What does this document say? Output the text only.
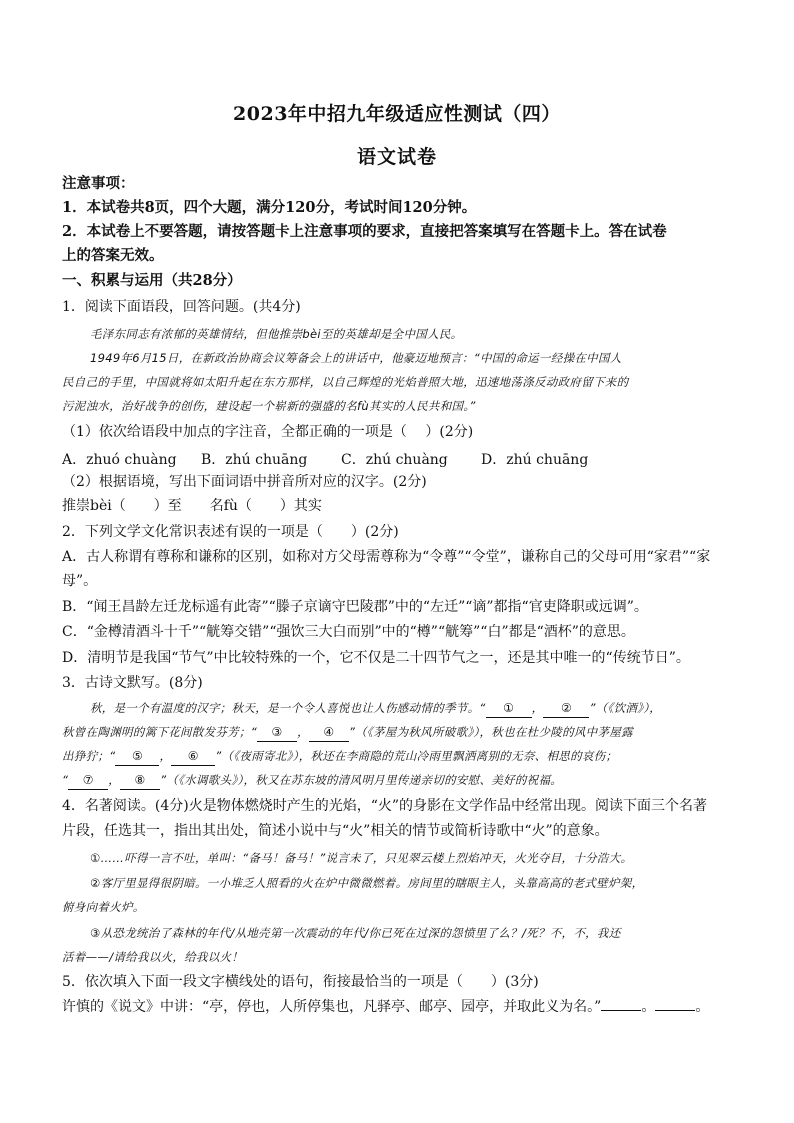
2023年中招九年级适应性测试（四）
语文试卷
注意事项：
1．本试卷共8页，四个大题，满分120分，考试时间120分钟。
2．本试卷上不要答题，请按答题卡上注意事项的要求，直接把答案填写在答题卡上。答在试卷
上的答案无效。
一、积累与运用（共28分）
1．阅读下面语段，回答问题。(共4分)
毛泽东同志有浓郁的英雄情结，但他推崇bèi至的英雄却是全中国人民。
1949年6月15日，在新政治协商会议筹备会上的讲话中，他豪迈地预言：“中国的命运一经操在中国人
民自己的手里，中国就将如太阳升起在东方那样，以自己辉煌的光焰普照大地，迅速地荡涤反动政府留下来的
污泥浊水，治好战争的创伤，建设起一个崭新的强盛的名fù其实的人民共和国。”
（1）依次给语段中加点的字注音，全都正确的一项是（　 ）(2分)
A．zhuó chuàng B．zhú chuāng C．zhú chuàng D．zhú chuāng
（2）根据语境，写出下面词语中拼音所对应的汉字。(2分)
推崇bèi（　　）至　　名fù（　　）其实
2．下列文学文化常识表述有误的一项是（　　）(2分)
A．古人称谓有尊称和谦称的区别，如称对方父母需尊称为“令尊”“令堂”，谦称自己的父母可用“家君”“家
母”。
B．“闻王昌龄左迁龙标遥有此寄”“滕子京谪守巴陵郡”中的“左迁”“谪”都指“官吏降职或远调”。
C．“金樽清酒斗十千”“觥筹交错”“强饮三大白而别”中的“樽”“觥筹”“白”都是“酒杯”的意思。
D．清明节是我国“节气”中比较特殊的一个，它不仅是二十四节气之一，还是其中唯一的“传统节日”。
3．古诗文默写。(8分)
秋，是一个有温度的汉字；秋天，是一个令人喜悦也让人伤感动情的季节。“ ① ， ② ”（《饮酒》），
秋曾在陶渊明的篱下花间散发芬芳；“ ③ ， ④ ”（《茅屋为秋风所破歌》），秋也在杜少陵的风中茅屋露
出狰狞；“ ⑤ ， ⑥ ”（《夜雨寄北》），秋还在李商隐的荒山冷雨里飘洒离别的无奈、相思的哀伤；
“ ⑦ ， ⑧ ”（《水调歌头》），秋又在苏东坡的清风明月里传递亲切的安慰、美好的祝福。
4．名著阅读。(4分)火是物体燃烧时产生的光焰，“火”的身影在文学作品中经常出现。阅读下面三个名著
片段，任选其一，指出其出处，简述小说中与“火”相关的情节或简析诗歌中“火”的意象。
①……吓得一言不吐，单叫：“备马！备马！”说言未了，只见翠云楼上烈焰冲天，火光夺目，十分浩大。
②客厅里显得很阴暗。一小堆乏人照看的火在炉中微微燃着。房间里的瞎眼主人，头靠高高的老式壁炉架，
俯身向着火炉。
③从恐龙统治了森林的年代/从地壳第一次震动的年代/你已死在过深的怨愤里了么？/死？不，不，我还
活着——/请给我以火，给我以火！
5．依次填入下面一段文字横线处的语句，衔接最恰当的一项是（　　）(3分)
许慎的《说文》中讲：“亭，停也，人所停集也，凡驿亭、邮亭、园亭，并取此义为名。”	。	。
